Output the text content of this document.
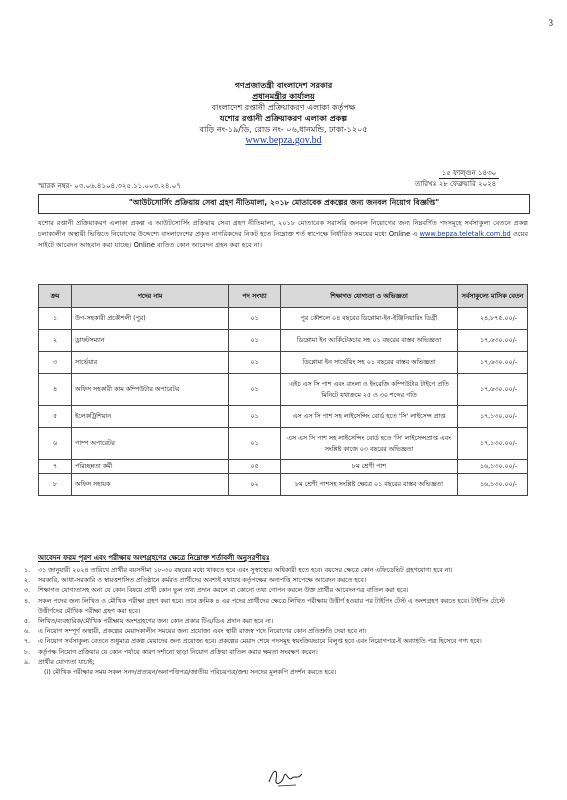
3
গণপ্রজাতন্ত্রী বাংলাদেশ সরকার
প্রধানমন্ত্রীর কার্যালয়
বাংলাদেশ রপ্তানী প্রক্রিয়াকরণ এলাকা কর্তৃপক্ষ
যশোর রপ্তানী প্রক্রিয়াকরণ এলাকা প্রকল্প
বাড়ি নং-১৯/ডি, রোড নং- ০৬,ধানমন্ডি, ঢাকা-১২০৫
www.bepza.gov.bd
স্মারক নম্বর- ০৩.০৬.৪১০৪.৩২৫.১১.০০৩.২৪.০৭
১৫ ফাল্গুন ১৪৩০
তারিখঃ ২৮ ফেব্রুয়ারি ২০২৪
"আউটসোর্সিং প্রক্রিয়ায় সেবা গ্রহণ নীতিমালা, ২০১৮ মোতাবেক প্রকল্পের জন্য জনবল নিয়োগ বিজ্ঞপ্তি"
যশোর রপ্তানী প্রক্রিয়াকরণ এলাকা প্রকল্প এ আউটসোর্সিং প্রক্রিয়ায় সেবা গ্রহণ নীতিমালা, ২০১৮ মোতাবেক সরাসরি জনবল নিয়োগের জন্য নিম্নবর্ণিত পদসমূহে সর্বসাকুল্য বেতনে প্রকল্প চলাকালীন অস্থায়ী ভিত্তিতে নিয়োগের উদ্দেশ্যে বাংলাদেশের প্রকৃত নাগরিকদের নিকট হতে নিম্নোক্ত শর্ত স্বাপেক্ষে নির্ধারিত সময়ের মধ্যে Online এ www.bepza.teletalk.com.bd ওয়েব সাইটে আবেদন আহবান করা যাচ্ছে। Online ব্যতিত কোন আবেদন গ্রহন করা হবে না।
ক্রম	পদের নাম	পদ সংখ্যা	শিক্ষাগত যোগ্যতা ও অভিজ্ঞতা	সর্বসাকুল্যে মাসিক বেতন
১	উপ-সহকারী প্রকৌশলী (পুর)	০১	পুর কৌশলে ০৪ বছরের ডিপ্লোমা-ইন-ইঞ্জিনিয়ারিং ডিগ্রী	২৪,৮৭৫.০০/-
২	ড্রাফটসম্যান	০১	ডিপ্লোমা ইন আর্কিটেকচার সহ ০১ বছরের বাস্তব অভিজ্ঞতা	১৭,৬৩০.০০/-
৩	সার্ভেয়ার	০১	ডিপ্লোমা ইন সার্ভেয়িং সহ ০১ বছরের বাস্তব অভিজ্ঞতা	১৭,৬৩০.০০/-
৪	অফিস সহকারী কাম কম্পিউটার অপারেটর	০১	এইচ এস সি পাশ এবং বাংলা ও ইংরেজি কম্পিউটার টাইপে প্রতি মিনিটে যথাক্রমে ২৫ ও ৩০ শব্দের গতি	১৭,৬৩০.০০/-
৫	ইলেকট্রিশিয়ান	০১	এস এস সি পাশ সহ লাইসেন্সিং বোর্ড হতে 'সি' লাইসেন্স প্রাপ্ত	১৭,১৩০.০০/-
৬	পাম্প অপারেটর	০১	এস এস সি পাশ সহ লাইসেন্সিং বোর্ড হতে 'সি' লাইসেন্সপ্রাপ্ত এবং সংশ্লিষ্ট কাজে ০৩ বছরের অভিজ্ঞতা	১৭,১৩০.০০/-
৭	পরিচ্ছন্নতা কর্মী	০৫	৮ম শ্রেণী পাশ	১৬,১৩০.০০/-
৮	অফিস সহায়ক	০২	৮ম শ্রেণী পাশসহ সংশ্লিষ্ট ক্ষেত্রে ০১ বছরের বাস্তব অভিজ্ঞতা	১৬,১৩০.০০/-
আবেদন ফরম পূরণ এবং পরীক্ষায় অংশগ্রহণের ক্ষেত্রে নিম্নোক্ত শর্তাবলী অনুসরণীয়ঃ
১.	৩১ জানুয়ারী ২০২৪ তারিখে প্রার্থীর বয়সসীমা ১৮-৩০ বছরের মধ্যে থাকতে হবে এবং সুস্বাস্থ্যের অধিকারী হতে হবে। বয়সের ক্ষেত্রে কোন এফিডেভিট গ্রহণযোগ্য হবে না।
২.	সরকারি, আধা-সরকারি ও স্বায়ত্তশাসিত প্রতিষ্ঠানে কর্মরত প্রার্থীদের অবশ্যই যথাযথ কর্তৃপক্ষের অনাপত্তি সাপেক্ষে আবেদন করতে হবে।
৩.	শিক্ষাগত যোগ্যতাসহ অন্য যে কোন বিষয়ে প্রার্থী কোন ভুল তথ্য প্রদান করলে বা কোনো তথ্য গোপন করলে উক্ত প্রার্থীর আবেদনপত্র বাতিল করা হবে।
৪.	সকল পদের জন্য লিখিত ও মৌখিক পরীক্ষা গ্রহণ করা হবে। তবে ক্রমিক ৪ এর পদের প্রার্থীদের ক্ষেত্রে লিখিত পরীক্ষায় উত্তীর্ণ হওয়ার পর টাইপিং টেস্ট এ অংশগ্রহণ করতে হবে। টাইপিং টেস্টে উত্তীর্ণদের মৌখিক পরীক্ষা গ্রহণ করা হবে।
৫.	লিখিত/ব্যবহারিক/মৌখিক পরীক্ষায় অংশগ্রহণের জন্য কোন প্রকার টিএ/ডিএ প্রদান করা হবে না।
৬.	এ নিয়োগ সম্পূর্ণ অস্থায়ী, প্রকল্পের মেয়াদকালীন সময়ের জন্য প্রযোজ্য এবং স্থায়ী রাজস্ব পদে নিয়োগের কোন প্রতিশ্রুতি দেয়া হবে না।
৭.	এ নিয়োগ সর্বসাকুল্য বেতনে শুধুমাত্র প্রকল্প মেয়াদের জন্য প্রযোজ্য হবে। প্রকল্পের মেয়াদ শেষে পদসমূহ স্বয়ংক্রিয়ভাবে বিলুপ্ত হবে এবং নিয়োগপত্র-ই অব্যাহতি পত্র হিসেবে গণ্য হবে।
৮.	কর্তৃপক্ষ নিয়োগ প্রক্রিয়ার যে কোন পর্যায়ে কারণ দর্শানো ছাড়া নিয়োগ প্রক্রিয়া বাতিল করার ক্ষমতা সংরক্ষণ করেন।
৯.	প্রার্থীর যোগ্যতা যাচাই;
(i) মৌখিক পরীক্ষার সময় সকল সনদ/প্রত্যয়ন/অনাপত্তিপত্র/জাতীয় পরিচয়পত্র/জন্ম সনদের মূলকপি প্রদর্শন করতে হবে।
